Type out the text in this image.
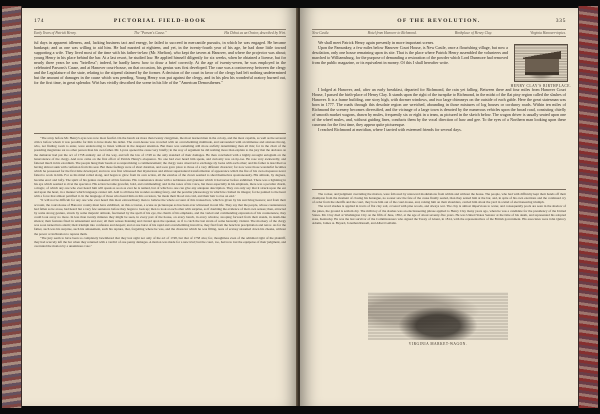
174	PICTORIAL FIELD-BOOK
Early Years of Patrick Henry.	The "Parson's Cause."	His Debut as an Orator, described by Wirt.

ful days in apparent idleness, and, lacking business tact and energy, he failed to succeed in mercantile pursuits, in which he was engaged. He became bankrupt; and as one was willing to aid him. He had married at eighteen, and yet, in the twenty-fourth year of his age, he had done little toward supporting a wife. They lived most of the time with his father-in-law (Mr. Shelton), who kept the tavern at Hanover, and where the projector was about; young Henry in his place behind the bar. At a last resort, he studied law. He applied himself diligently for six weeks, when he obtained a license, but for nearly three years he was "briefless"; indeed, he hardly knew how to draw a brief correctly. At the age of twenty-seven, he was employed in the celebrated Parsons's Cause, and at Hanover court-house, on that occasion, his genius was first developed. The case was a controversy between the clergy and the Legislature of the state, relating to the stipend claimed by the former. A decision of the court in favor of the clergy had left nothing undetermined but the amount of damages in the cause which was pending. Young Henry was put against the clergy, and in his plea his wonderful oratory burned out, for the first time, in great splendor. Wirt has vividly described the scene in his life of the "American Demosthenes."

"The array before Mr. Henry's eyes was now most fearful. On the bench sat more than twenty clergymen, the most learned men in the colony, and the most capable, as well as the severest critics before whom it was possible for him to have made his debut. The court-house was crowded with an overwhelming multitude, and surrounded with an immense and anxious throng, who, not finding room to enter, were endeavoring to listen without in the deepest attention. But there was something still more awfully determining than all this; for in the chair of the presiding magistrate sat no other person than his own father. Mr. Lyons opened the cause very briefly; in the way of argument he did nothing more than explain to the jury that the decision on the demurrer had put the act of 1758 entirely out of the way, and left the law of 1748 as the only standard of their damages. He then concluded with a highly-wrought eulogium on the benevolence of the clergy. And now came on the first effort of Patrick Henry's eloquence. No one had ever heard him speak, and curiosity was on tip-toe. He rose very awkwardly, and faltered much in his exordium. The people hung their heads at so unpromising a commencement; the clergy were observed to exchange sly looks with each other; and his father is described as having almost sunk with confusion from his seat. But these feelings were of short duration, and soon gave place to those of a very different character; for now were those wonderful faculties which he possessed for the first time developed; and now was first witnessed that mysterious and almost supernatural transformation of appearance which the fire of his own eloquence never failed to work in him. For as his mind rolled along, and began to glow from its own action, all the exuviae of the clown seemed to shed themselves spontaneously. His attitude, by degrees, became erect and lofty. The spirit of his genius awakened all his features. His countenance shone with a nobleness and grandeur which it had never before exhibited. There was a lightning in his eye which seemed to rivet the spectator. His action became graceful, bold, and commanding; and in the tones of his voice, but more especially in his emphasis, there was a peculiar charm, a magic, of which any one who ever heard him will speak as soon as ever he is named, but of which no one can give any adequate description. They can only say that it struck upon the ear and upon the heart, in a manner which language cannot tell. Add to all these his wonder-working fancy, and the peculiar phraseology in which he clothed its images; for he painted to the heart with a force that almost petrified it. In the language of those who heard him on this occasion, 'he made their blood run cold, and their hair to rise on end.'

"It will not be difficult for any one who ever heard this most extraordinary man to believe the whole account of this transaction, which is given by his surviving hearers; and from their account, the court-house of Hanover county must have exhibited, on this occasion, a scene as picturesque as has been ever witnessed in real life. They say that the people, whose countenances had fallen as he arose, had heard but a very few sentences before they began to look up; then to look at each other with surprise, as if doubting the evidence of their own senses; then, attracted by some strong gesture, struck by some majestic attitude, fascinated by the spell of his eye, the charm of his emphasis, and the varied and commanding expression of his countenance, they could look away no more. In less than twenty minutes they might be seen, in every part of the house, on every bench, in every window, stooping forward from their stands, in death-like silence; their features fixed in amazement and awe; all their senses listening and riveted upon the speaker, as if to catch the last strain of some heavenly visitant. The mockery of the clergy was soon turned into alarm; their triumph into confusion and despair; and at one burst of his rapid and overwhelming invective, they fled from the bench in precipitation and terror. As for the father, such was his surprise, such his amazement, such his rapture, that, forgetting where he was, and the character which he was filling, tears of ecstasy streamed down his cheeks, without the power or inclination to repress them.

"The jury seem to have been so completely bewildered that they lost sight not only of the act of 1748, but that of 1758 also; for, thoughtless even of the admitted right of the plaintiff, they had scarcely left the bar when they returned with a verdict of one penny damages. A motion was made for a new trial; but the court, too, had now lost the equipoise of their judgment, and overruled the motion by a unanimous vote."

OF THE REVOLUTION.	335
New Castle.	Hotel from Hanover to Richmond.	Birthplace of Henry Clay.	Virginia Hanover-topics.

We shall meet Patrick Henry again presently in more important scenes.

Upon the Pamunkey, a few miles below Hanover Court House, is New Castle, once a flourishing village, but now a desolation, only one house remaining upon its site. That is the place where Patrick Henry assembled the volunteers and marched to Williamsburg, for the purpose of demanding a restoration of the powder which Lord Dunmore had removed from the public magazine, or its equivalent in money. Of this I shall hereafter write.

HENRY CLAY'S BIRTHPLACE.

I lodged at Hanover, and, after an early breakfast, departed for Richmond, the rain yet falling. Between there and four miles from Hanover Court House, I passed the birth-place of Henry Clay. It stands upon the right of the turnpike to Richmond, in the midst of the flat piny region called the slashes of Hanover. It is a frame building, one story high, with dormer windows, and two large chimneys on the outside of each gable. Here the great statesman was born in 1777. The roads through this desolate region are wretched, abounding in those mixtures of log houses or corduroy roads. Within ten miles of Richmond the scenery becomes diversified, and the vicinage of a large town is denoted by the numerous vehicles upon the broad road, consisting chiefly of smooth market wagons, drawn by mules, frequently six or eight in a team, as pictured in the sketch below. The wagon driver is usually seated upon one of the wheel mules, and, without guiding lines, conducts them by the vocal direction of haw and gee. To the eyes of a Northern man looking upon these caravans for the first time, they appear quite picturesque.

I reached Richmond at meridian, where I tarried with esteemed friends for several days.

The rocker, and judgment overruling the motion, were followed by untoward modulations from within and without the house. The people, who had with difficulty kept their hands off their champion from the moment of closing his harangue, no sooner saw the fate of the cause finally sealed, than they seized him at the bar, and, in spite of his own exertions and the continued cry of order from the sheriffs and the court, they bore him out of the court-house, and, raising him on their shoulders, carried him about the yard in a kind of electioneering triumph.

The word slashes is applied in tracts of flat clay soil, covered with pine woods, and always wet. The clay is almost impervious to water, and consequently pools are seen in the shadow of the pines, the ground is seldom dry. The mill-boy of the slashes was an electioneering phrase applied to Henry Clay many years ago, when he was a candidate for the presidency of the United States. Mr. Clay died at Washington City on the fifth of June, 1852, at the age of about seventy-five years. He was United States Senator at the time of his death, and represented his adopted state, Kentucky. He was the last survivor of the Commissioners who signed the Treaty of Ghent, in 1814, with the representatives of the British government. His associates were John Quincy Adams, James A. Bayard, Jonathan Russell, and Albert Gallatin.

VIRGINIA MARKET-WAGON.
